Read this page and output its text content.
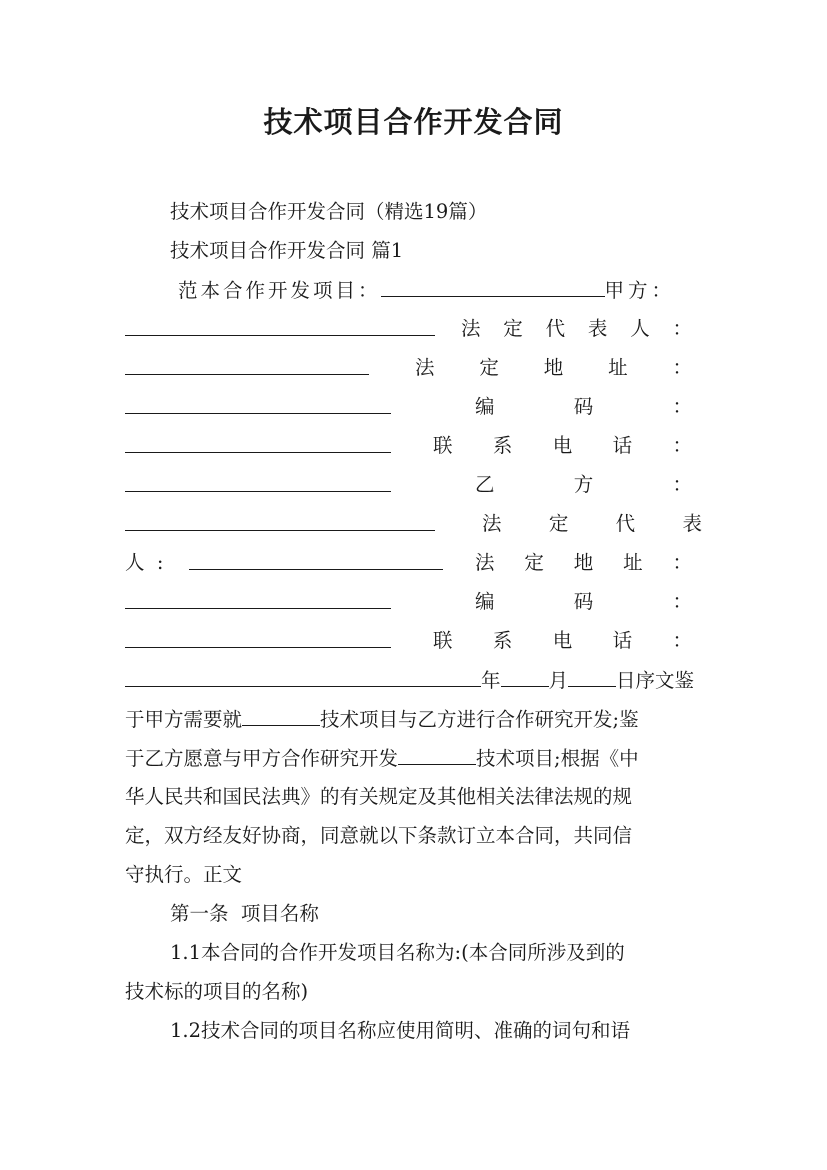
技术项目合作开发合同
技术项目合作开发合同（精选19篇）
技术项目合作开发合同 篇1
范本合作开发项目：	甲方：
法 定 代 表 人 ：
法 定 地 址 ：
编	码	：
联 系 电 话 ：
乙	方	：
法 定 代 表
人  :	法 定 地 址 ：
编	码	：
联 系 电 话 ：
年 月 日序文鉴
于甲方需要就	技术项目与乙方进行合作研究开发;鉴
于乙方愿意与甲方合作研究开发	技术项目;根据《中
华人民共和国民法典》的有关规定及其他相关法律法规的规
定，双方经友好协商，同意就以下条款订立本合同，共同信
守执行。正文
第一条  项目名称
1.1本合同的合作开发项目名称为:(本合同所涉及到的
技术标的项目的名称)
1.2技术合同的项目名称应使用简明、准确的词句和语
